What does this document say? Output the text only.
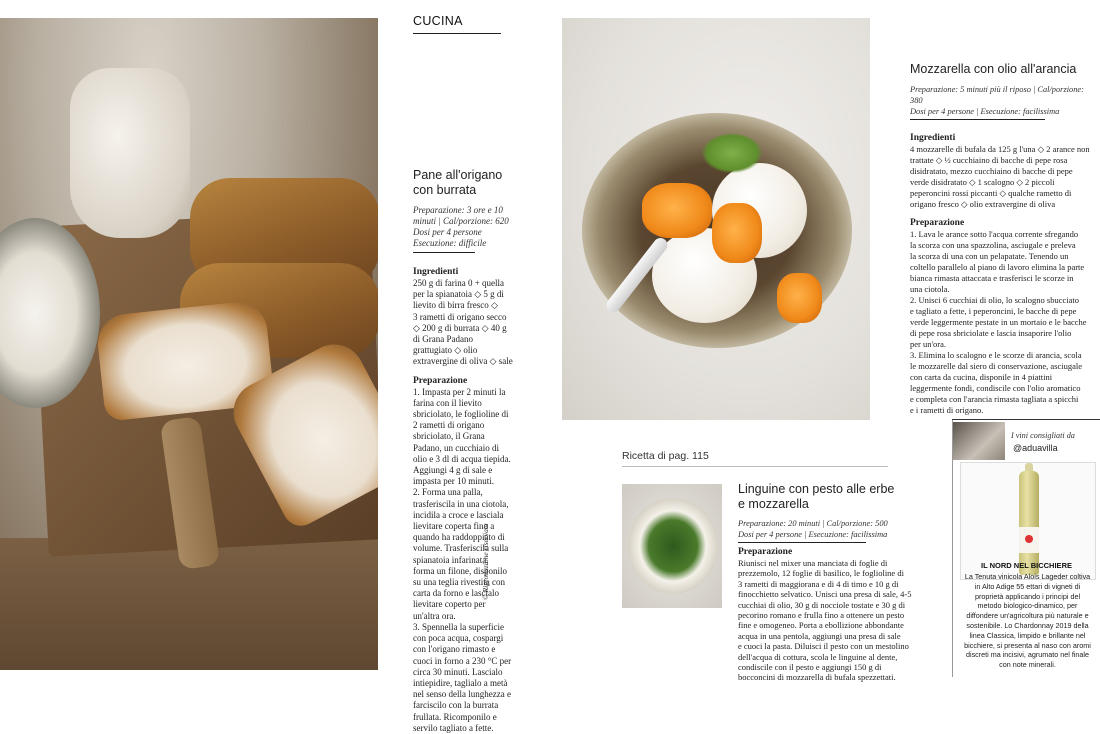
CUCINA
Pane all'origano con burrata
Preparazione: 3 ore e 10
minuti | Cal/porzione: 620
Dosi per 4 persone
Esecuzione: difficile
Ingredienti

250 g di farina 0 + quella

per la spianatoia ◇ 5 g di

lievito di birra fresco ◇

3 rametti di origano secco

◇ 200 g di burrata ◇ 40 g

di Grana Padano

grattugiato ◇ olio

extravergine di oliva ◇ sale

Preparazione

1. Impasta per 2 minuti la

farina con il lievito

sbriciolato, le foglioline di

2 rametti di origano

sbriciolato, il Grana

Padano, un cucchiaio di

olio e 3 dl di acqua tiepida.

Aggiungi 4 g di sale e

impasta per 10 minuti.

2. Forma una palla,

trasferiscila in una ciotola,

incidila a croce e lasciala

lievitare coperta fino a

quando ha raddoppiato di

volume. Trasferiscila sulla

spianatoia infarinata,

forma un filone, disponilo

su una teglia rivestita con

carta da forno e lascialo

lievitare coperto per

un'altra ora.

3. Spennella la superficie

con poca acqua, cospargi

con l'origano rimasto e

cuoci in forno a 230 °C per

circa 30 minuti. Lascialo

intiepidire, taglialo a metà

nel senso della lunghezza e

farciscilo con la burrata

frullata. Ricomponilo e

servilo tagliato a fette.

© Riproduzione riservata
Mozzarella con olio all'arancia
Preparazione: 5 minuti più il riposo | Cal/porzione: 380
Dosi per 4 persone | Esecuzione: facilissima
Ingredienti

4 mozzarelle di bufala da 125 g l'una ◇ 2 arance non

trattate ◇ ½ cucchiaino di bacche di pepe rosa

disidratato, mezzo cucchiaino di bacche di pepe

verde disidratato ◇ 1 scalogno ◇ 2 piccoli

peperoncini rossi piccanti ◇ qualche rametto di

origano fresco ◇ olio extravergine di oliva

Preparazione

1. Lava le arance sotto l'acqua corrente sfregando

la scorza con una spazzolina, asciugale e preleva

la scorza di una con un pelapatate. Tenendo un

coltello parallelo al piano di lavoro elimina la parte

bianca rimasta attaccata e trasferisci le scorze in

una ciotola.

2. Unisci 6 cucchiai di olio, lo scalogno sbucciato

e tagliato a fette, i peperoncini, le bacche di pepe

verde leggermente pestate in un mortaio e le bacche

di pepe rosa sbriciolate e lascia insaporire l'olio

per un'ora.

3. Elimina lo scalogno e le scorze di arancia, scola

le mozzarelle dal siero di conservazione, asciugale

con carta da cucina, disponile in 4 piattini

leggermente fondi, condiscile con l'olio aromatico

e completa con l'arancia rimasta tagliata a spicchi

e i rametti di origano.

Ricetta di pag. 115
Linguine con pesto alle erbe
e mozzarella
Preparazione: 20 minuti | Cal/porzione: 500
Dosi per 4 persone | Esecuzione: facilissima
Preparazione

Riunisci nel mixer una manciata di foglie di

prezzemolo, 12 foglie di basilico, le foglioline di

3 rametti di maggiorana e di 4 di timo e 10 g di

finocchietto selvatico. Unisci una presa di sale, 4-5

cucchiai di olio, 30 g di nocciole tostate e 30 g di

pecorino romano e frulla fino a ottenere un pesto

fine e omogeneo. Porta a ebollizione abbondante

acqua in una pentola, aggiungi una presa di sale

e cuoci la pasta. Diluisci il pesto con un mestolino

dell'acqua di cottura, scola le linguine al dente,

condiscile con il pesto e aggiungi 150 g di

bocconcini di mozzarella di bufala spezzettati.

I vini consigliati da
@aduavilla
IL NORD NEL BICCHIERE
La Tenuta vinicola Alois Lageder coltiva
in Alto Adige 55 ettari di vigneti di
proprietà applicando i principi del
metodo biologico-dinamico, per
diffondere un'agricoltura più naturale e
sostenibile. Lo Chardonnay 2019 della
linea Classica, limpido e brillante nel
bicchiere, si presenta al naso con aromi
discreti ma incisivi, agrumato nel finale
con note minerali.
